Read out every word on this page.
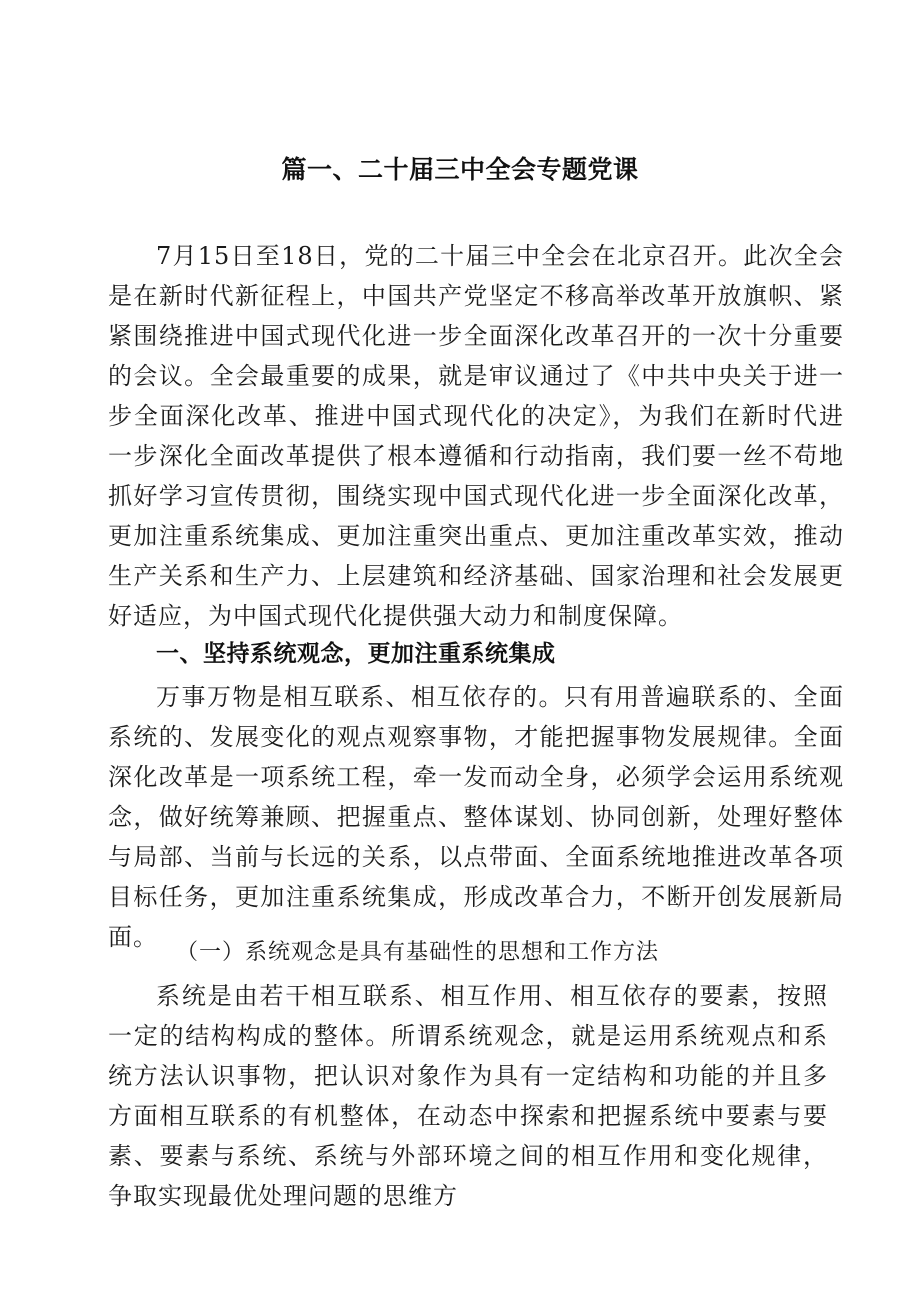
篇一、二十届三中全会专题党课

7月15日至18日，党的二十届三中全会在北京召开。此次全会是在新时代新征程上，中国共产党坚定不移高举改革开放旗帜、紧紧围绕推进中国式现代化进一步全面深化改革召开的一次十分重要的会议。全会最重要的成果，就是审议通过了《中共中央关于进一步全面深化改革、推进中国式现代化的决定》，为我们在新时代进一步深化全面改革提供了根本遵循和行动指南，我们要一丝不苟地抓好学习宣传贯彻，围绕实现中国式现代化进一步全面深化改革，更加注重系统集成、更加注重突出重点、更加注重改革实效，推动生产关系和生产力、上层建筑和经济基础、国家治理和社会发展更好适应，为中国式现代化提供强大动力和制度保障。

一、坚持系统观念，更加注重系统集成

万事万物是相互联系、相互依存的。只有用普遍联系的、全面系统的、发展变化的观点观察事物，才能把握事物发展规律。全面深化改革是一项系统工程，牵一发而动全身，必须学会运用系统观念，做好统筹兼顾、把握重点、整体谋划、协同创新，处理好整体与局部、当前与长远的关系，以点带面、全面系统地推进改革各项目标任务，更加注重系统集成，形成改革合力，不断开创发展新局面。

（一）系统观念是具有基础性的思想和工作方法

系统是由若干相互联系、相互作用、相互依存的要素，按照一定的结构构成的整体。所谓系统观念，就是运用系统观点和系统方法认识事物，把认识对象作为具有一定结构和功能的并且多方面相互联系的有机整体，在动态中探索和把握系统中要素与要素、要素与系统、系统与外部环境之间的相互作用和变化规律，争取实现最优处理问题的思维方
